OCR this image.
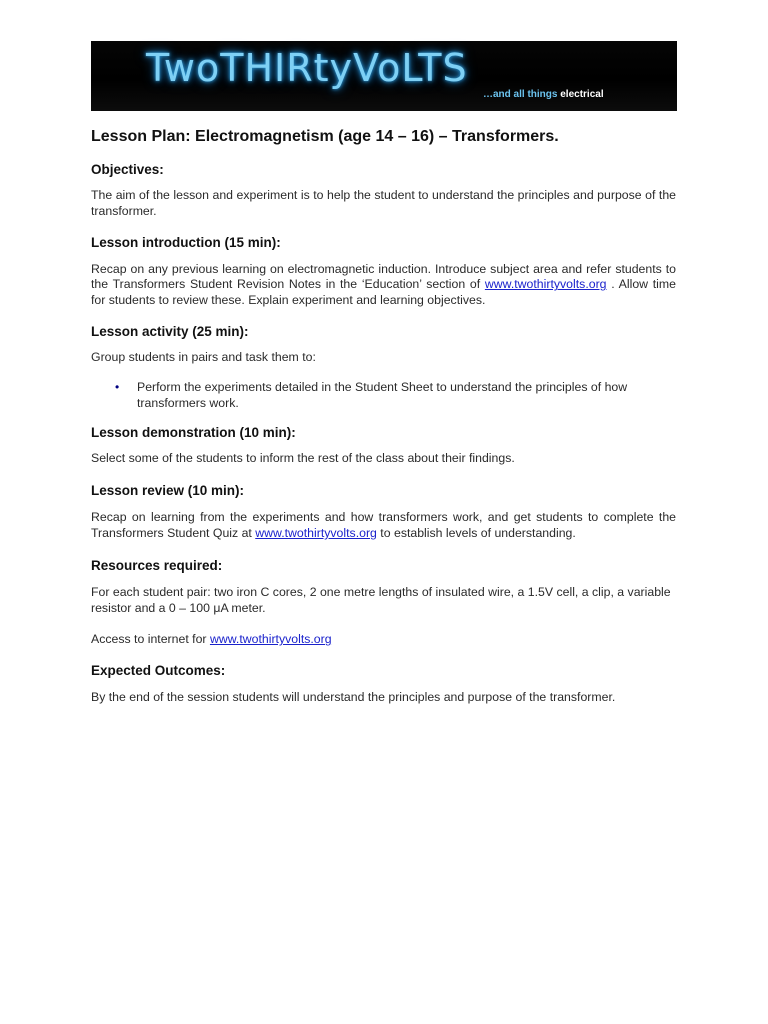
TwoTHIRtyVoLTS
…and all things electrical
Lesson Plan: Electromagnetism (age 14 – 16) – Transformers.
Objectives:

The aim of the lesson and experiment is to help the student to understand the principles and purpose of the transformer.

Lesson introduction (15 min):

Recap on any previous learning on electromagnetic induction. Introduce subject area and refer students to the Transformers Student Revision Notes in the ‘Education’ section of www.twothirtyvolts.org . Allow time for students to review these. Explain experiment and learning objectives.

Lesson activity (25 min):

Group students in pairs and task them to:

•	Perform the experiments detailed in the Student Sheet to understand the principles of how transformers work.

Lesson demonstration (10 min):

Select some of the students to inform the rest of the class about their findings.

Lesson review (10 min):

Recap on learning from the experiments and how transformers work, and get students to complete the Transformers Student Quiz at www.twothirtyvolts.org to establish levels of understanding.

Resources required:

For each student pair: two iron C cores, 2 one metre lengths of insulated wire, a 1.5V cell, a clip, a variable resistor and a 0 – 100 μA meter.

Access to internet for www.twothirtyvolts.org

Expected Outcomes:

By the end of the session students will understand the principles and purpose of the transformer.
